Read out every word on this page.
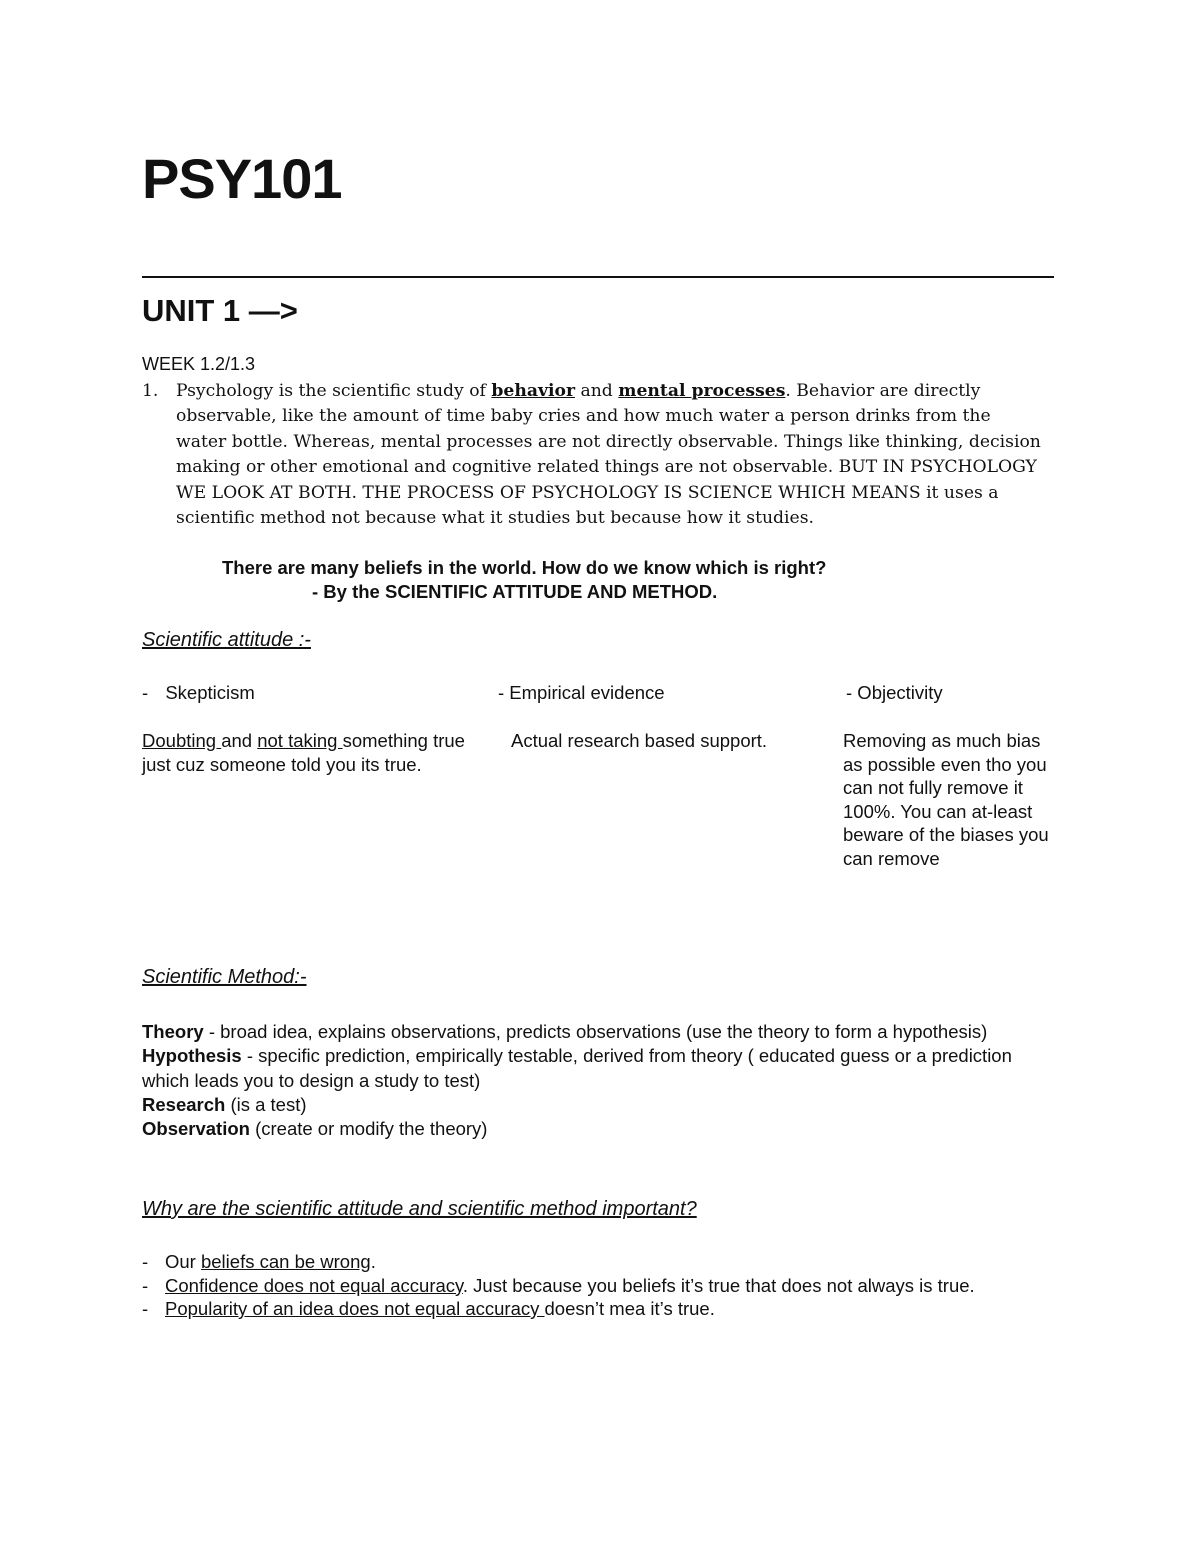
PSY101
UNIT 1 —>
WEEK 1.2/1.3
1. Psychology is the scientific study of behavior and mental processes. Behavior are directly observable, like the amount of time baby cries and how much water a person drinks from the water bottle. Whereas, mental processes are not directly observable. Things like thinking, decision making or other emotional and cognitive related things are not observable. BUT IN PSYCHOLOGY WE LOOK AT BOTH. THE PROCESS OF PSYCHOLOGY IS SCIENCE WHICH MEANS it uses a scientific method not because what it studies but because how it studies.
There are many beliefs in the world. How do we know which is right?
- By the SCIENTIFIC ATTITUDE AND METHOD.
Scientific attitude :-
- Skepticism
Doubting and not taking something true just cuz someone told you its true.
- Empirical evidence
Actual research based support.
- Objectivity
Removing as much bias as possible even tho you can not fully remove it 100%. You can at-least beware of the biases you can remove
Scientific Method:-

Theory - broad idea, explains observations, predicts observations (use the theory to form a hypothesis)

Hypothesis - specific prediction, empirically testable, derived from theory ( educated guess or a prediction which leads you to design a study to test)

Research (is a test)

Observation (create or modify the theory)

Why are the scientific attitude and scientific method important?
- Our beliefs can be wrong.
- Confidence does not equal accuracy. Just because you beliefs it’s true that does not always is true.
- Popularity of an idea does not equal accuracy doesn’t mea it’s true.
